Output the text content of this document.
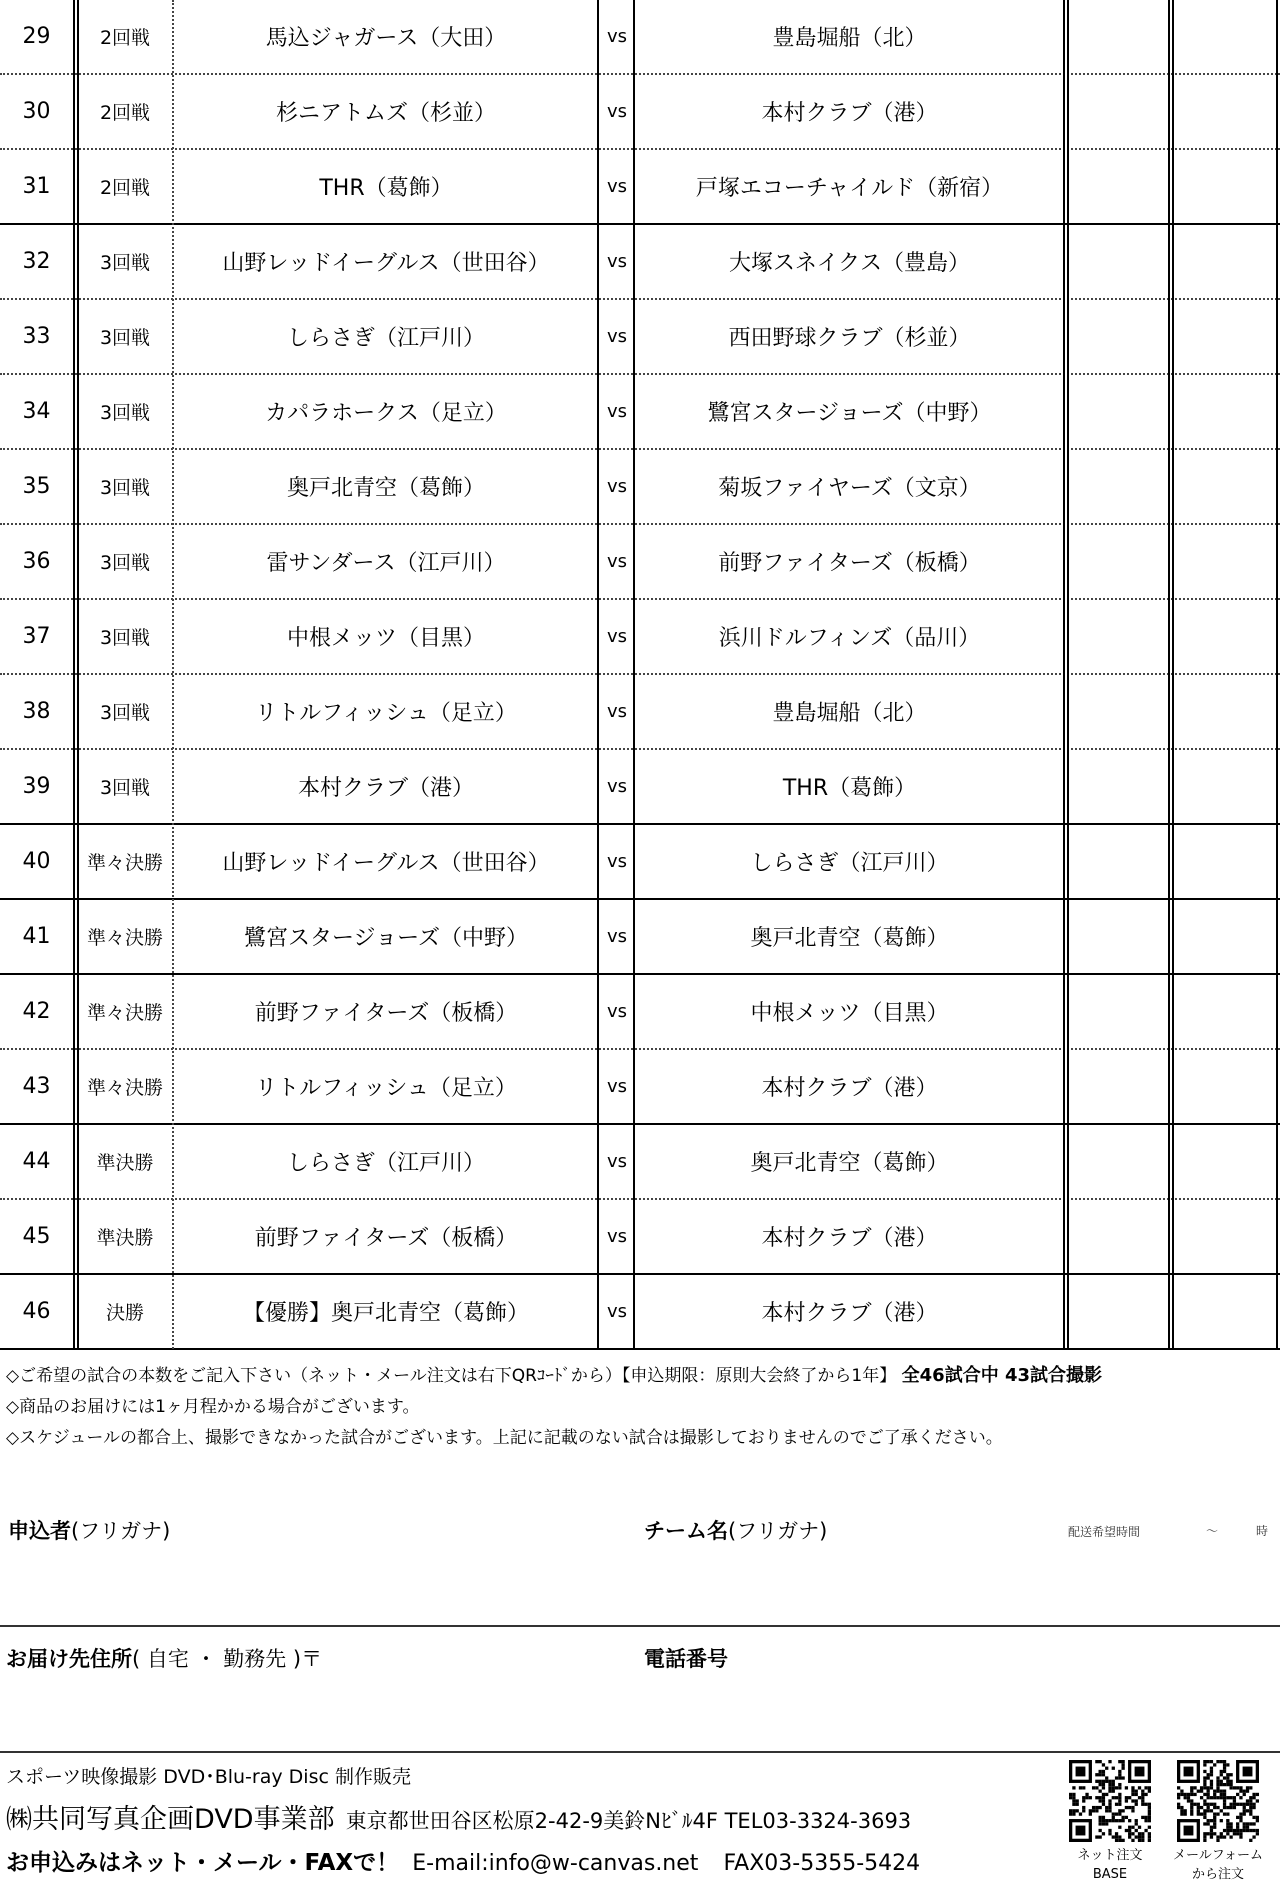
29	2回戦	馬込ジャガース（大田）	vs	豊島堀船（北）
30	2回戦	杉ニアトムズ（杉並）	vs	本村クラブ（港）
31	2回戦	THR（葛飾）	vs	戸塚エコーチャイルド（新宿）
32	3回戦	山野レッドイーグルス（世田谷）	vs	大塚スネイクス（豊島）
33	3回戦	しらさぎ（江戸川）	vs	西田野球クラブ（杉並）
34	3回戦	カパラホークス（足立）	vs	鷺宮スタージョーズ（中野）
35	3回戦	奥戸北青空（葛飾）	vs	菊坂ファイヤーズ（文京）
36	3回戦	雷サンダース（江戸川）	vs	前野ファイターズ（板橋）
37	3回戦	中根メッツ（目黒）	vs	浜川ドルフィンズ（品川）
38	3回戦	リトルフィッシュ（足立）	vs	豊島堀船（北）
39	3回戦	本村クラブ（港）	vs	THR（葛飾）
40	準々決勝	山野レッドイーグルス（世田谷）	vs	しらさぎ（江戸川）
41	準々決勝	鷺宮スタージョーズ（中野）	vs	奥戸北青空（葛飾）
42	準々決勝	前野ファイターズ（板橋）	vs	中根メッツ（目黒）
43	準々決勝	リトルフィッシュ（足立）	vs	本村クラブ（港）
44	準決勝	しらさぎ（江戸川）	vs	奥戸北青空（葛飾）
45	準決勝	前野ファイターズ（板橋）	vs	本村クラブ（港）
46	決勝	【優勝】奥戸北青空（葛飾）	vs	本村クラブ（港）
◇ご希望の試合の本数をご記入下さい（ネット・メール注文は右下QRｺｰﾄﾞから）【申込期限：原則大会終了から1年】 全46試合中 43試合撮影
◇商品のお届けには1ヶ月程かかる場合がございます。
◇スケジュールの都合上、撮影できなかった試合がございます。上記に記載のない試合は撮影しておりませんのでご了承ください。
申込者(フリガナ)	チーム名(フリガナ)	配送希望時間	～	時
お届け先住所( 自宅 ・ 勤務先 )〒	電話番号
スポーツ映像撮影 DVD･Blu-ray Disc 制作販売
㈱共同写真企画DVD事業部 東京都世田谷区松原2-42-9美鈴Nﾋﾞﾙ4F TEL03-3324-3693
お申込みはネット・メール・FAXで！ E-mail:info@w-canvas.net FAX03-5355-5424	ネット注文
BASE
メールフォーム
から注文
